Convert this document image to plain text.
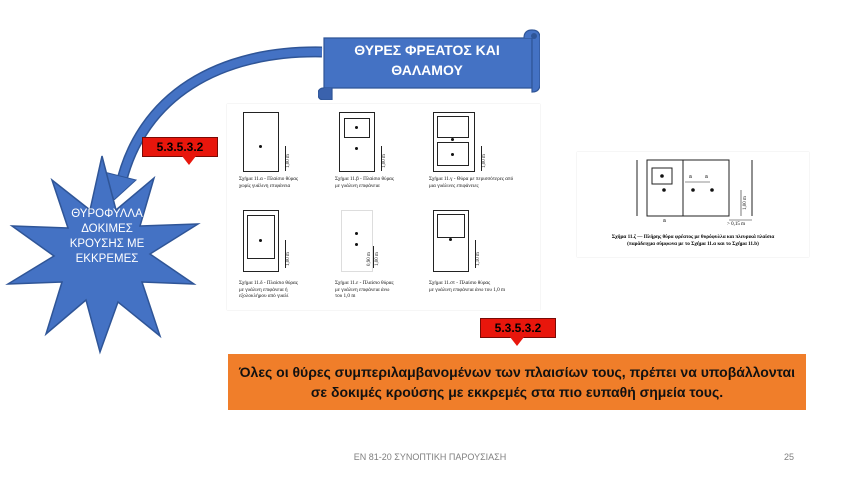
ΘΥΡΕΣ ΦΡΕΑΤΟΣ ΚΑΙ
ΘΑΛΑΜΟΥ
ΘΥΡΟΦΥΛΛΑ
ΔΟΚΙΜΕΣ
ΚΡΟΥΣΗΣ ΜΕ
ΕΚΚΡΕΜΕΣ
1,00 m
Σχήμα 11.α - Πλαίσιο θύρας
χωρίς γυάλινη επιφάνεια
1,00 m
Σχήμα 11.β - Πλαίσιο θύρας
με γυάλινη επιφάνεια
1,00 m
Σχήμα 11.γ - Θύρα με περισσότερες από
μια γυάλινες επιφάνειες
1,00 m
Σχήμα 11.δ - Πλαίσιο θύρας
με γυάλινη επιφάνεια ή
εξολοκλήρου από γυαλί
0,90 m 1,00 m
Σχήμα 11.ε - Πλαίσιο θύρας
με γυάλινη επιφάνεια άνω
του 1,0 m
1,10 m
Σχήμα 11.στ - Πλαίσιο θύρας
με γυάλινη επιφάνεια άνω του 1,0 m
5.3.5.3.2
a
a	a
1,00 m
> 0,15 m
Σχήμα 11.ζ — Πλήρης θύρα φρέατος με θυρόφυλλα και πλευρικά πλαίσια
(παράδειγμα σύμφωνα με το Σχήμα 11.α και το Σχήμα 11.b)
5.3.5.3.2
Όλες οι θύρες συμπεριλαμβανομένων των πλαισίων τους, πρέπει να υποβάλλονται
σε δοκιμές κρούσης με εκκρεμές στα πιο ευπαθή σημεία τους.
ΕΝ 81-20 ΣΥΝΟΠΤΙΚΗ ΠΑΡΟΥΣΙΑΣΗ	25
